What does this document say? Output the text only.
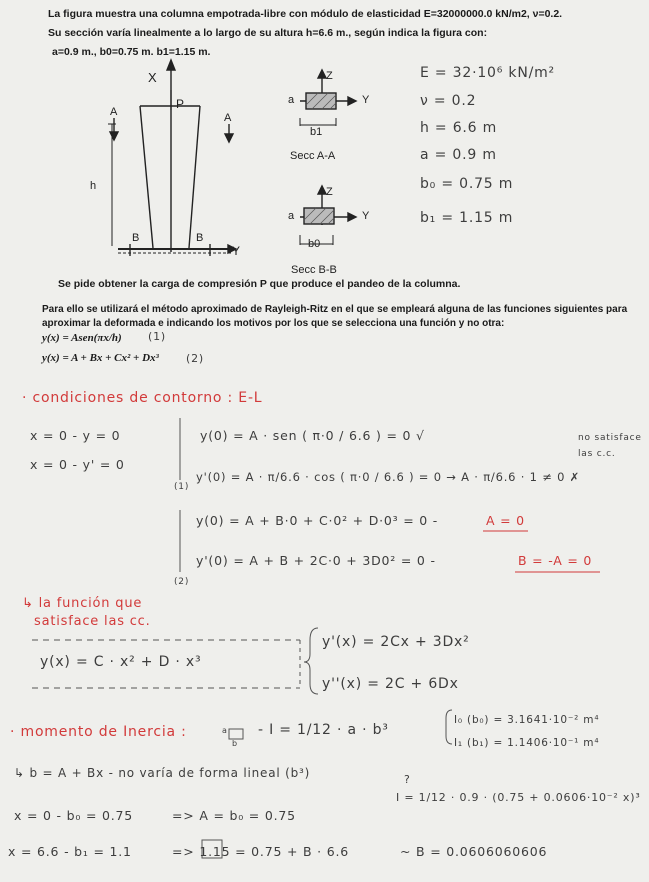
La figura muestra una columna empotrada-libre con módulo de elasticidad E=32000000.0 kN/m2, ν=0.2.
Su sección varía linealmente a lo largo de su altura h=6.6 m., según indica la figura con:
a=0.9 m., b0=0.75 m. b1=1.15 m.
X
P
A	A
h
B	B
Y
Z
Y
a
b1
Secc A-A
Z
Y
a
b0
Secc B-B
E = 32·10⁶ kN/m²
ν = 0.2
h = 6.6 m
a = 0.9 m
b₀ = 0.75 m
b₁ = 1.15 m
Se pide obtener la carga de compresión P que produce el pandeo de la columna.
Para ello se utilizará el método aproximado de Rayleigh-Ritz en el que se empleará alguna de las funciones siguientes para
aproximar la deformada e indicando los motivos por los que se selecciona una función y no otra:
y(x) = Asen(πx/h) (1)
y(x) = A + Bx + Cx² + Dx³ (2)
· condiciones de contorno : E-L
x = 0 - y = 0
x = 0 - y' = 0
y(0) = A · sen ( π·0 / 6.6 ) = 0 √
y'(0) = A · π/6.6 · cos ( π·0 / 6.6 ) = 0 → A · π/6.6 · 1 ≠ 0 ✗
(1)
no satisface
las c.c.
y(0) = A + B·0 + C·0² + D·0³ = 0 -	A = 0
y'(0) = A + B + 2C·0 + 3D0² = 0 -	B = -A = 0
(2)
↳ la función que
satisface las cc.
y(x) = C · x² + D · x³
y'(x) = 2Cx + 3Dx²
y''(x) = 2C + 6Dx
· momento de Inercia :	a
b
- I = 1/12 · a · b³
I₀ (b₀) = 3.1641·10⁻² m⁴
I₁ (b₁) = 1.1406·10⁻¹ m⁴
↳ b = A + Bx - no varía de forma lineal (b³)	?
I = 1/12 · 0.9 · (0.75 + 0.0606·10⁻² x)³
x = 0 - b₀ = 0.75	=> A = b₀ = 0.75
x = 6.6 - b₁ = 1.1	=> 1.15 = 0.75 + B · 6.6	~ B = 0.0606060606
